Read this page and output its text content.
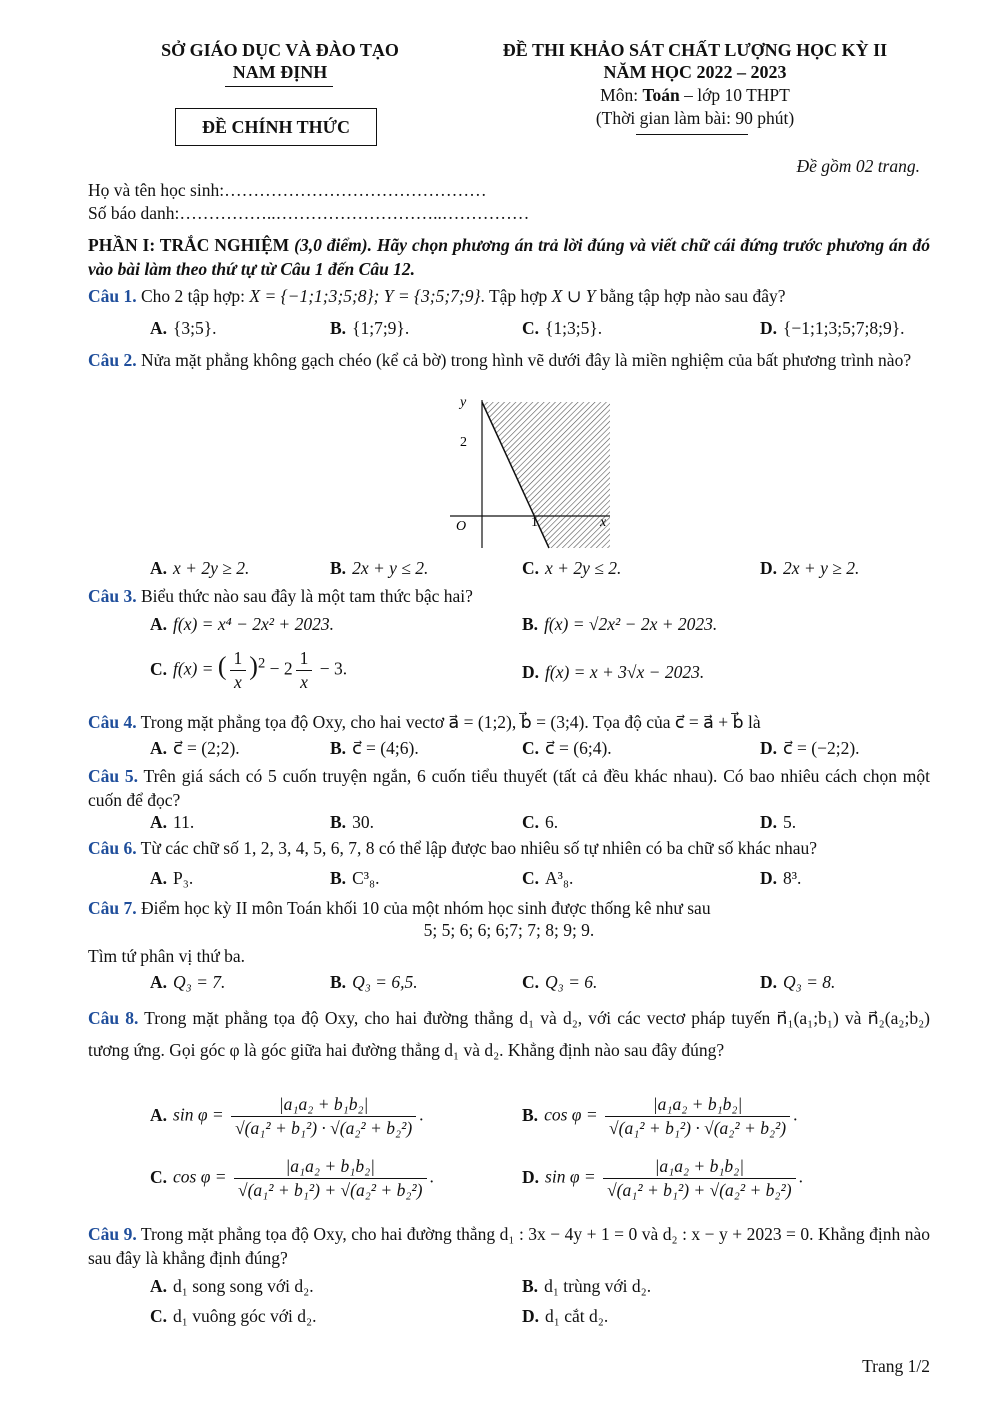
SỞ GIÁO DỤC VÀ ĐÀO TẠO
NAM ĐỊNH
ĐỀ CHÍNH THỨC
ĐỀ THI KHẢO SÁT CHẤT LƯỢNG HỌC KỲ II
NĂM HỌC 2022 – 2023
Môn: Toán – lớp 10 THPT
(Thời gian làm bài: 90 phút)
Đề gồm 02 trang.
Họ và tên học sinh:………………………………………
Số báo danh:……………..………………………..……………
PHẦN I: TRẮC NGHIỆM (3,0 điểm). Hãy chọn phương án trả lời đúng và viết chữ cái đứng trước phương án đó vào bài làm theo thứ tự từ Câu 1 đến Câu 12.
Câu 1. Cho 2 tập hợp: X = {−1;1;3;5;8}; Y = {3;5;7;9}. Tập hợp X ∪ Y bằng tập hợp nào sau đây?
A. {3;5}.	B. {1;7;9}.	C. {1;3;5}.	D. {−1;1;3;5;7;8;9}.
Câu 2. Nửa mặt phẳng không gạch chéo (kể cả bờ) trong hình vẽ dưới đây là miền nghiệm của bất phương trình nào?
y
2
O	1	x
A. x + 2y ≥ 2.	B. 2x + y ≤ 2.	C. x + 2y ≤ 2.	D. 2x + y ≥ 2.
Câu 3. Biểu thức nào sau đây là một tam thức bậc hai?
A. f(x) = x⁴ − 2x² + 2023.	B. f(x) = √2x² − 2x + 2023.
C. f(x) = ( $\frac{1}{x} )^2 - 2 \frac{1}{x} - 3$.	D. f(x) = x + 3√x − 2023.
Câu 4. Trong mặt phẳng tọa độ Oxy, cho hai vectơ a⃗ = (1;2), b⃗ = (3;4). Tọa độ của c⃗ = a⃗ + b⃗ là
A. c⃗ = (2;2).	B. c⃗ = (4;6).	C. c⃗ = (6;4).	D. c⃗ = (−2;2).
Câu 5. Trên giá sách có 5 cuốn truyện ngắn, 6 cuốn tiểu thuyết (tất cả đều khác nhau). Có bao nhiêu cách chọn một cuốn để đọc?
A. 11.	B. 30.	C. 6.	D. 5.
Câu 6. Từ các chữ số 1, 2, 3, 4, 5, 6, 7, 8 có thể lập được bao nhiêu số tự nhiên có ba chữ số khác nhau?
A. P₃.	B. C³₈.	C. A³₈.	D. 8³.
Câu 7. Điểm học kỳ II môn Toán khối 10 của một nhóm học sinh được thống kê như sau
5; 5; 6; 6; 6;7; 7; 8; 9; 9.
Tìm tứ phân vị thứ ba.
A. Q₃ = 7.	B. Q₃ = 6,5.	C. Q₃ = 6.	D. Q₃ = 8.
Câu 8. Trong mặt phẳng tọa độ Oxy, cho hai đường thẳng d₁ và d₂, với các vectơ pháp tuyến n⃗₁(a₁;b₁) và n⃗₂(a₂;b₂) tương ứng. Gọi góc φ là góc giữa hai đường thẳng d₁ và d₂. Khẳng định nào sau đây đúng?
A. $\sin \varphi = \frac{\text{|a₁a₂ + b₁b₂|}}{\text{√(a₁² + b₁²) · √(a₂² + b₂²)}}$ .	B. $\cos \varphi = \frac{\text{|a₁a₂ + b₁b₂|}}{\text{√(a₁² + b₁²) · √(a₂² + b₂²)}}$ .
C. $\cos \varphi = \frac{\text{|a₁a₂ + b₁b₂|}}{\text{√(a₁² + b₁²) + √(a₂² + b₂²)}}$ .	D. $\sin \varphi = \frac{\text{|a₁a₂ + b₁b₂|}}{\text{√(a₁² + b₁²) + √(a₂² + b₂²)}}$ .
Câu 9. Trong mặt phẳng tọa độ Oxy, cho hai đường thẳng d₁ : 3x − 4y + 1 = 0 và d₂ : x − y + 2023 = 0. Khẳng định nào sau đây là khẳng định đúng?
A. d₁ song song với d₂.	B. d₁ trùng với d₂.
C. d₁ vuông góc với d₂.	D. d₁ cắt d₂.
Trang 1/2
